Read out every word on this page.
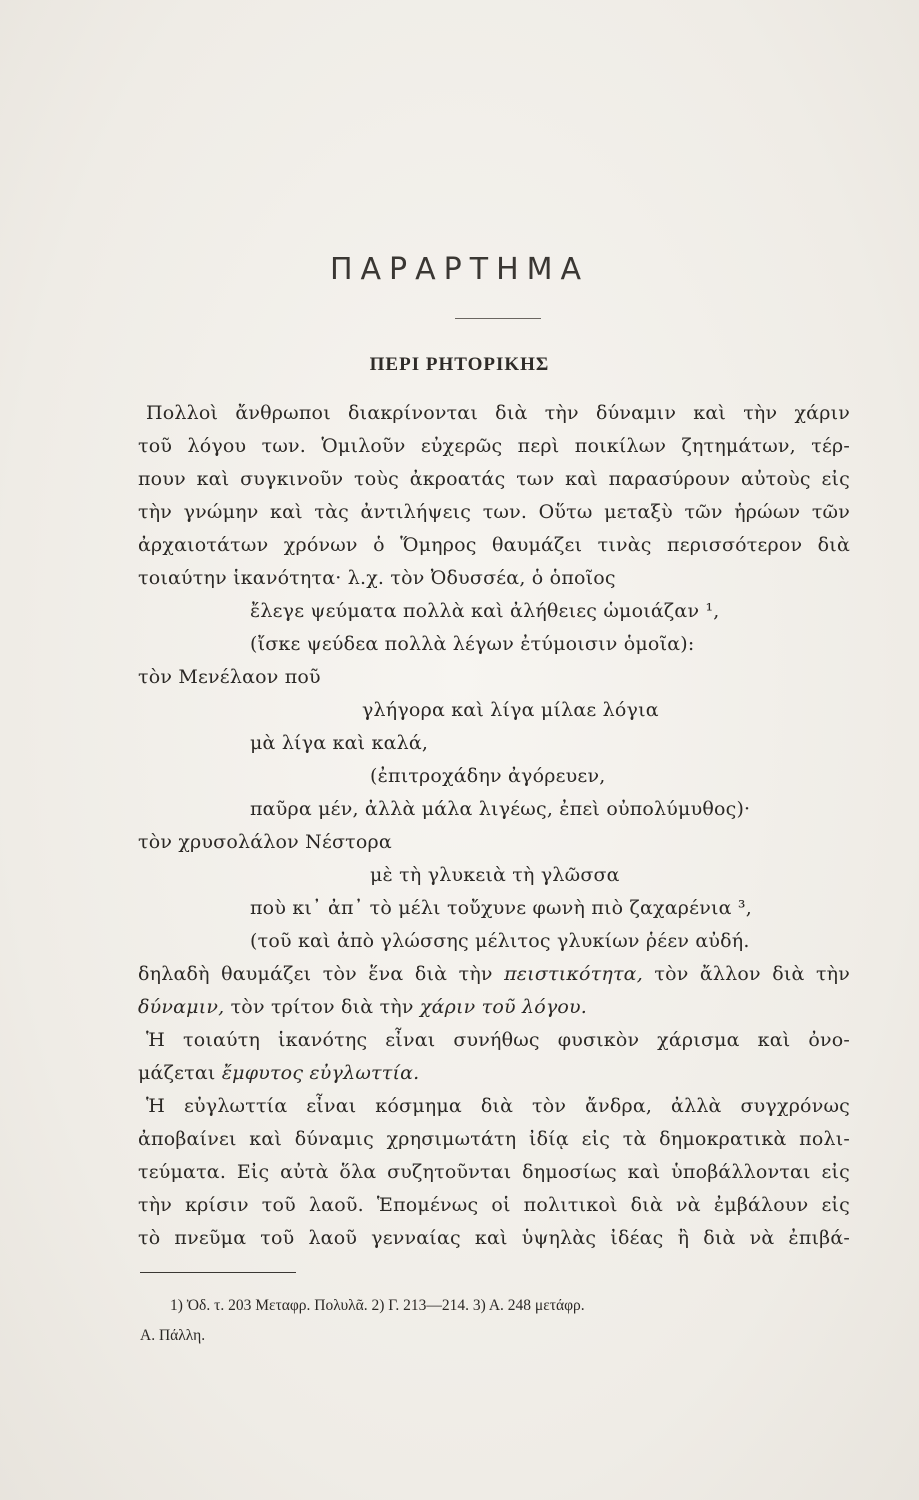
ΠΑΡΑΡΤΗΜΑ
ΠΕΡΙ ΡΗΤΟΡΙΚΗΣ
Πολλοὶ ἄνθρωποι διακρίνονται διὰ τὴν δύναμιν καὶ τὴν χάριν
τοῦ λόγου των. Ὁμιλοῦν εὐχερῶς περὶ ποικίλων ζητημάτων, τέρ-
πουν καὶ συγκινοῦν τοὺς ἀκροατάς των καὶ παρασύρουν αὐτοὺς εἰς
τὴν γνώμην καὶ τὰς ἀντιλήψεις των. Οὕτω μεταξὺ τῶν ἡρώων τῶν
ἀρχαιοτάτων χρόνων ὁ Ὅμηρος θαυμάζει τινὰς περισσότερον διὰ
τοιαύτην ἱκανότητα· λ.χ. τὸν Ὀδυσσέα, ὁ ὁποῖος
ἔλεγε ψεύματα πολλὰ καὶ ἀλήθειες ὡμοιάζαν ¹,
(ἴσκε ψεύδεα πολλὰ λέγων ἐτύμοισιν ὁμοῖα):
τὸν Μενέλαον ποῦ
γλήγορα καὶ λίγα μίλαε λόγια
μὰ λίγα καὶ καλά,
(ἐπιτροχάδην ἀγόρευεν,
παῦρα μέν, ἀλλὰ μάλα λιγέως, ἐπεὶ οὐπολύμυθος)·
τὸν χρυσολάλον Νέστορα
μὲ τὴ γλυκειὰ τὴ γλῶσσα
ποὺ κι᾿ ἀπ᾿ τὸ μέλι τοὔχυνε φωνὴ πιὸ ζαχαρένια ³,
(τοῦ καὶ ἀπὸ γλώσσης μέλιτος γλυκίων ῥέεν αὐδή.
δηλαδὴ θαυμάζει τὸν ἕνα διὰ τὴν πειστικότητα, τὸν ἄλλον διὰ τὴν
δύναμιν, τὸν τρίτον διὰ τὴν χάριν τοῦ λόγου.
Ἡ τοιαύτη ἱκανότης εἶναι συνήθως φυσικὸν χάρισμα καὶ ὀνο-
μάζεται ἔμφυτος εὐγλωττία.
Ἡ εὐγλωττία εἶναι κόσμημα διὰ τὸν ἄνδρα, ἀλλὰ συγχρόνως
ἀποβαίνει καὶ δύναμις χρησιμωτάτη ἰδίᾳ εἰς τὰ δημοκρατικὰ πολι-
τεύματα. Εἰς αὐτὰ ὅλα συζητοῦνται δημοσίως καὶ ὑποβάλλονται εἰς
τὴν κρίσιν τοῦ λαοῦ. Ἑπομένως οἱ πολιτικοὶ διὰ νὰ ἐμβάλουν εἰς
τὸ πνεῦμα τοῦ λαοῦ γενναίας καὶ ὑψηλὰς ἰδέας ἢ διὰ νὰ ἐπιβά-
1) Ὀδ. τ. 203 Μεταφρ. Πολυλᾶ. 2) Γ. 213—214. 3) Α. 248 μετάφρ.
Α. Πάλλη.
